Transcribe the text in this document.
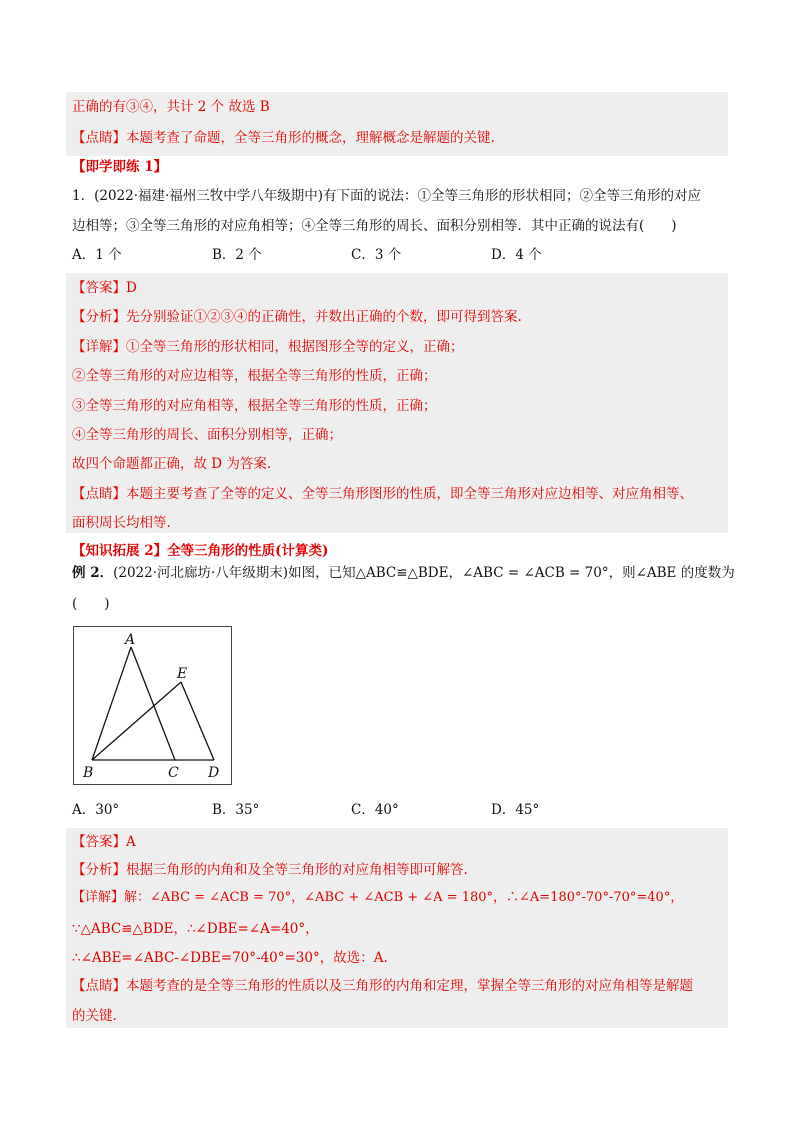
正确的有③④，共计 2 个 故选 B
【点睛】本题考查了命题，全等三角形的概念，理解概念是解题的关键.
【即学即练 1】
1．(2022·福建·福州三牧中学八年级期中)有下面的说法：①全等三角形的形状相同；②全等三角形的对应
边相等；③全等三角形的对应角相等；④全等三角形的周长、面积分别相等．其中正确的说法有(　　)
A．1 个	B．2 个	C．3 个	D．4 个
【答案】D
【分析】先分别验证①②③④的正确性，并数出正确的个数，即可得到答案.
【详解】①全等三角形的形状相同，根据图形全等的定义，正确；
②全等三角形的对应边相等，根据全等三角形的性质，正确；
③全等三角形的对应角相等，根据全等三角形的性质，正确；
④全等三角形的周长、面积分别相等，正确；
故四个命题都正确，故 D 为答案.
【点睛】本题主要考查了全等的定义、全等三角形图形的性质，即全等三角形对应边相等、对应角相等、
面积周长均相等.
【知识拓展 2】全等三角形的性质(计算类)
例 2．(2022·河北廊坊·八年级期末)如图，已知△ABC≌△BDE，∠ABC = ∠ACB = 70°，则∠ABE 的度数为
(　　)
A
E
B	C D
A．30°	B．35°	C．40°	D．45°
【答案】A
【分析】根据三角形的内角和及全等三角形的对应角相等即可解答.
【详解】解：∠ABC = ∠ACB = 70°，∠ABC + ∠ACB + ∠A = 180°，∴∠A=180°-70°-70°=40°，
∵△ABC≌△BDE，∴∠DBE=∠A=40°，
∴∠ABE=∠ABC-∠DBE=70°-40°=30°，故选：A.
【点睛】本题考查的是全等三角形的性质以及三角形的内角和定理，掌握全等三角形的对应角相等是解题
的关键.
